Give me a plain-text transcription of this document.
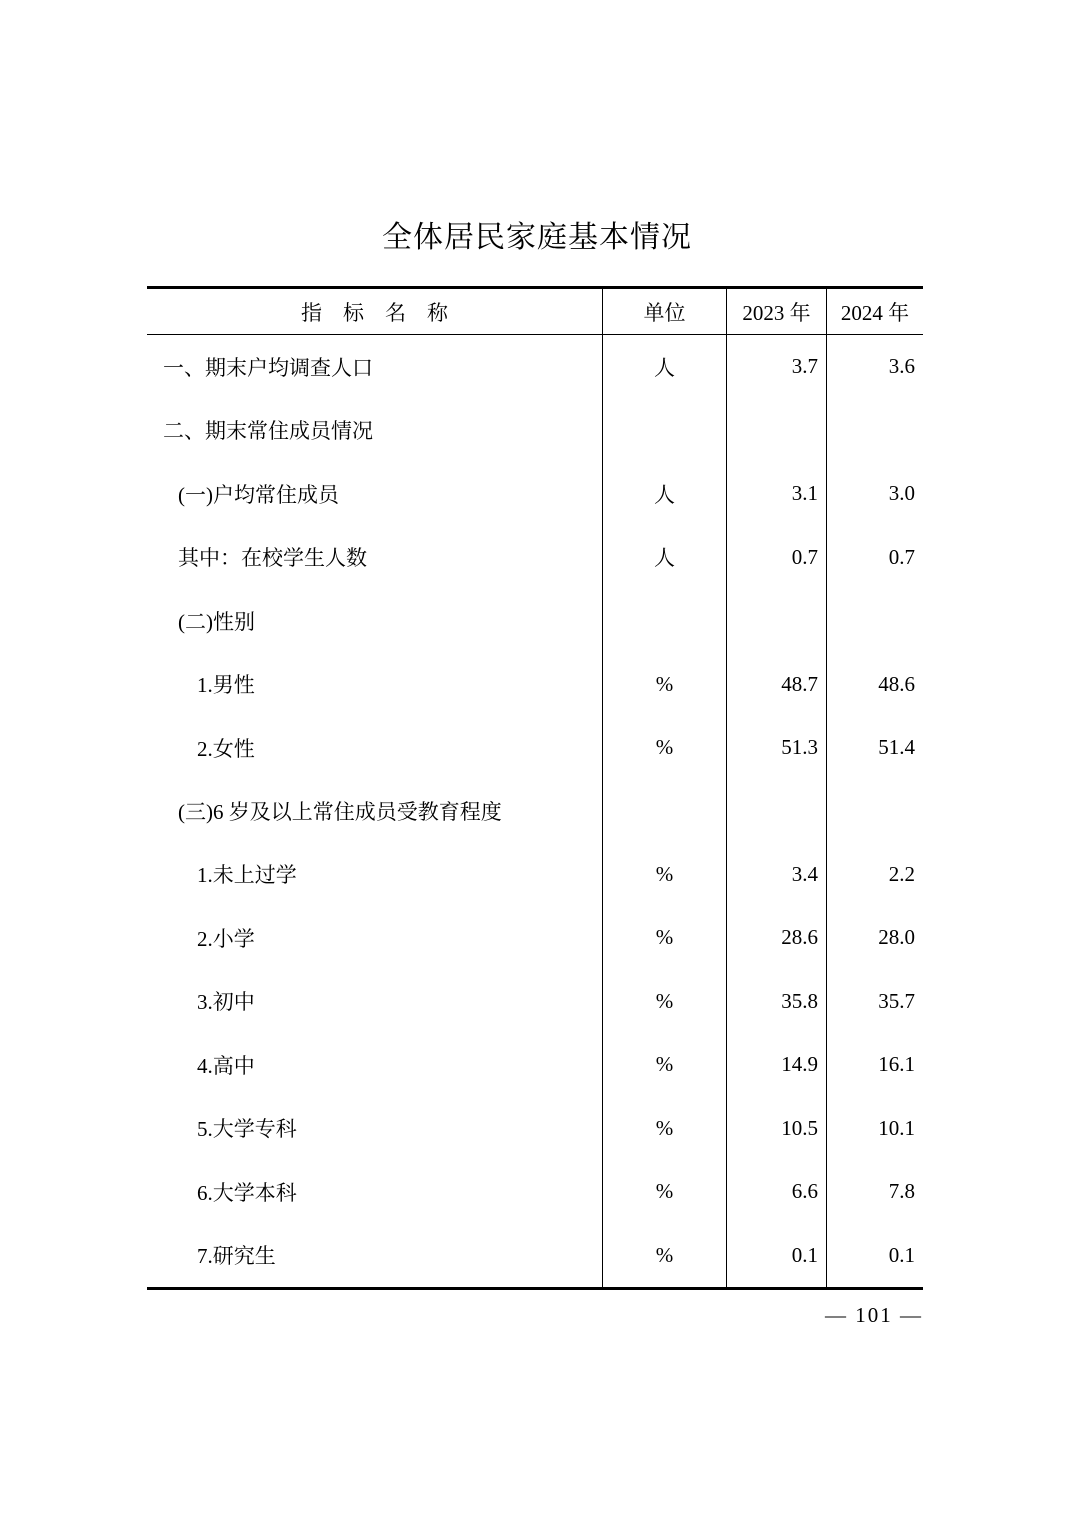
全体居民家庭基本情况
指　标　名　称	单位	2023 年	2024 年
一、期末户均调查人口	人	3.7	3.6
二、期末常住成员情况
(一)户均常住成员	人	3.1	3.0
其中：在校学生人数	人	0.7	0.7
(二)性别
1.男性	%	48.7	48.6
2.女性	%	51.3	51.4
(三)6 岁及以上常住成员受教育程度
1.未上过学	%	3.4	2.2
2.小学	%	28.6	28.0
3.初中	%	35.8	35.7
4.高中	%	14.9	16.1
5.大学专科	%	10.5	10.1
6.大学本科	%	6.6	7.8
7.研究生	%	0.1	0.1
— 101 —
